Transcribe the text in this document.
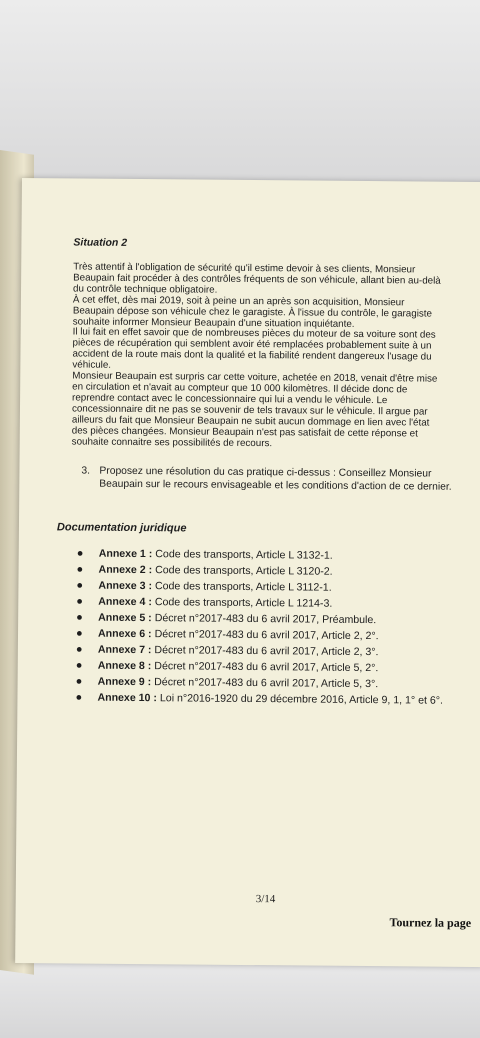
Situation 2

Très attentif à l'obligation de sécurité qu'il estime devoir à ses clients, Monsieur

Beaupain fait procéder à des contrôles fréquents de son véhicule, allant bien au-delà

du contrôle technique obligatoire.

À cet effet, dès mai 2019, soit à peine un an après son acquisition, Monsieur

Beaupain dépose son véhicule chez le garagiste. À l'issue du contrôle, le garagiste

souhaite informer Monsieur Beaupain d'une situation inquiétante.

Il lui fait en effet savoir que de nombreuses pièces du moteur de sa voiture sont des

pièces de récupération qui semblent avoir été remplacées probablement suite à un

accident de la route mais dont la qualité et la fiabilité rendent dangereux l'usage du

véhicule.

Monsieur Beaupain est surpris car cette voiture, achetée en 2018, venait d'être mise

en circulation et n'avait au compteur que 10 000 kilomètres. Il décide donc de

reprendre contact avec le concessionnaire qui lui a vendu le véhicule. Le

concessionnaire dit ne pas se souvenir de tels travaux sur le véhicule. Il argue par

ailleurs du fait que Monsieur Beaupain ne subit aucun dommage en lien avec l'état

des pièces changées. Monsieur Beaupain n'est pas satisfait de cette réponse et

souhaite connaitre ses possibilités de recours.

3. Proposez une résolution du cas pratique ci-dessus : Conseillez Monsieur Beaupain sur le recours envisageable et les conditions d'action de ce dernier.
Documentation juridique
●	Annexe 1 : Code des transports, Article L 3132-1.
●	Annexe 2 : Code des transports, Article L 3120-2.
●	Annexe 3 : Code des transports, Article L 3112-1.
●	Annexe 4 : Code des transports, Article L 1214-3.
●	Annexe 5 : Décret n°2017-483 du 6 avril 2017, Préambule.
●	Annexe 6 : Décret n°2017-483 du 6 avril 2017, Article 2, 2°.
●	Annexe 7 : Décret n°2017-483 du 6 avril 2017, Article 2, 3°.
●	Annexe 8 : Décret n°2017-483 du 6 avril 2017, Article 5, 2°.
●	Annexe 9 : Décret n°2017-483 du 6 avril 2017, Article 5, 3°.
●	Annexe 10 : Loi n°2016-1920 du 29 décembre 2016, Article 9, 1, 1° et 6°.
3/14
Tournez la page
